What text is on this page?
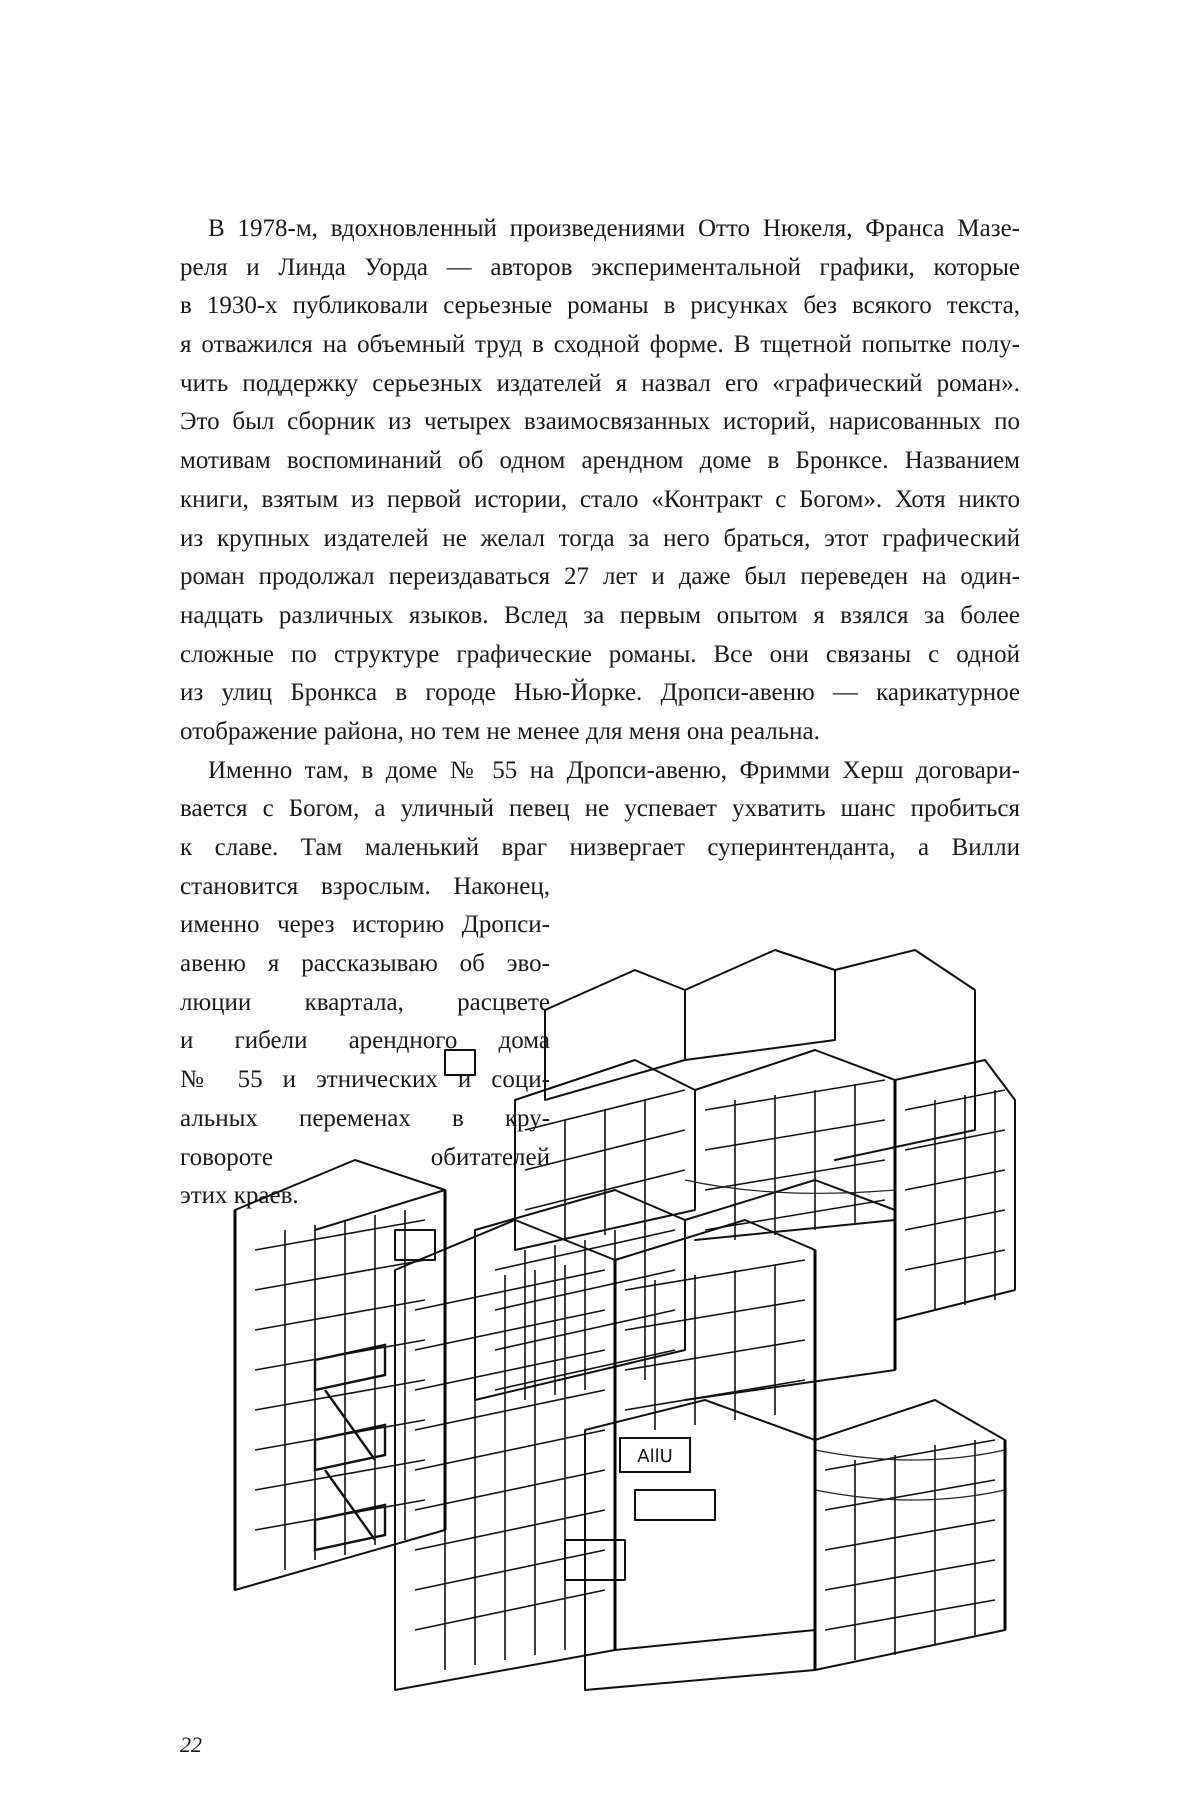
В 1978-м, вдохновленный произведениями Отто Нюкеля, Франса Мазе-
реля и Линда Уорда — авторов экспериментальной графики, которые
в 1930-х публиковали серьезные романы в рисунках без всякого текста,
я отважился на объемный труд в сходной форме. В тщетной попытке полу-
чить поддержку серьезных издателей я назвал его «графический роман».
Это был сборник из четырех взаимосвязанных историй, нарисованных по
мотивам воспоминаний об одном арендном доме в Бронксе. Названием
книги, взятым из первой истории, стало «Контракт с Богом». Хотя никто
из крупных издателей не желал тогда за него браться, этот графический
роман продолжал переиздаваться 27 лет и даже был переведен на один-
надцать различных языков. Вслед за первым опытом я взялся за более
сложные по структуре графические романы. Все они связаны с одной
из улиц Бронкса в городе Нью-Йорке. Дропси-авеню — карикатурное
отображение района, но тем не менее для меня она реальна.
Именно там, в доме № 55 на Дропси-авеню, Фримми Херш договари-
вается с Богом, а уличный певец не успевает ухватить шанс пробиться
к славе. Там маленький враг низвергает суперинтенданта, а Вилли
становится взрослым. Наконец,
именно через историю Дропси-
авеню я рассказываю об эво-
люции квартала, расцвете
и гибели арендного дома
№ 55 и этнических и соци-
альных переменах в кру-
говороте обитателей
этих краев.
AllU
22
